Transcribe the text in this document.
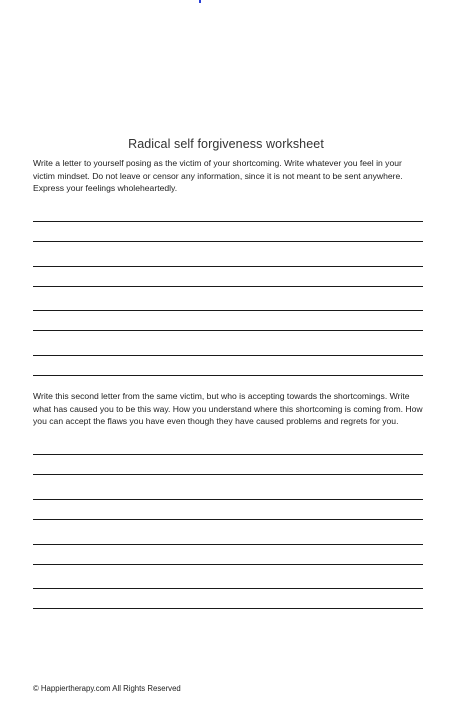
Radical self forgiveness worksheet

Write a letter to yourself posing as the victim of your shortcoming. Write whatever you feel in your victim mindset. Do not leave or censor any information, since it is not meant to be sent anywhere. Express your feelings wholeheartedly.

Write this second letter from the same victim, but who is accepting towards the shortcomings. Write what has caused you to be this way. How you understand where this shortcoming is coming from. How you can accept the flaws you have even though they have caused problems and regrets for you.

© Happiertherapy.com All Rights Reserved
